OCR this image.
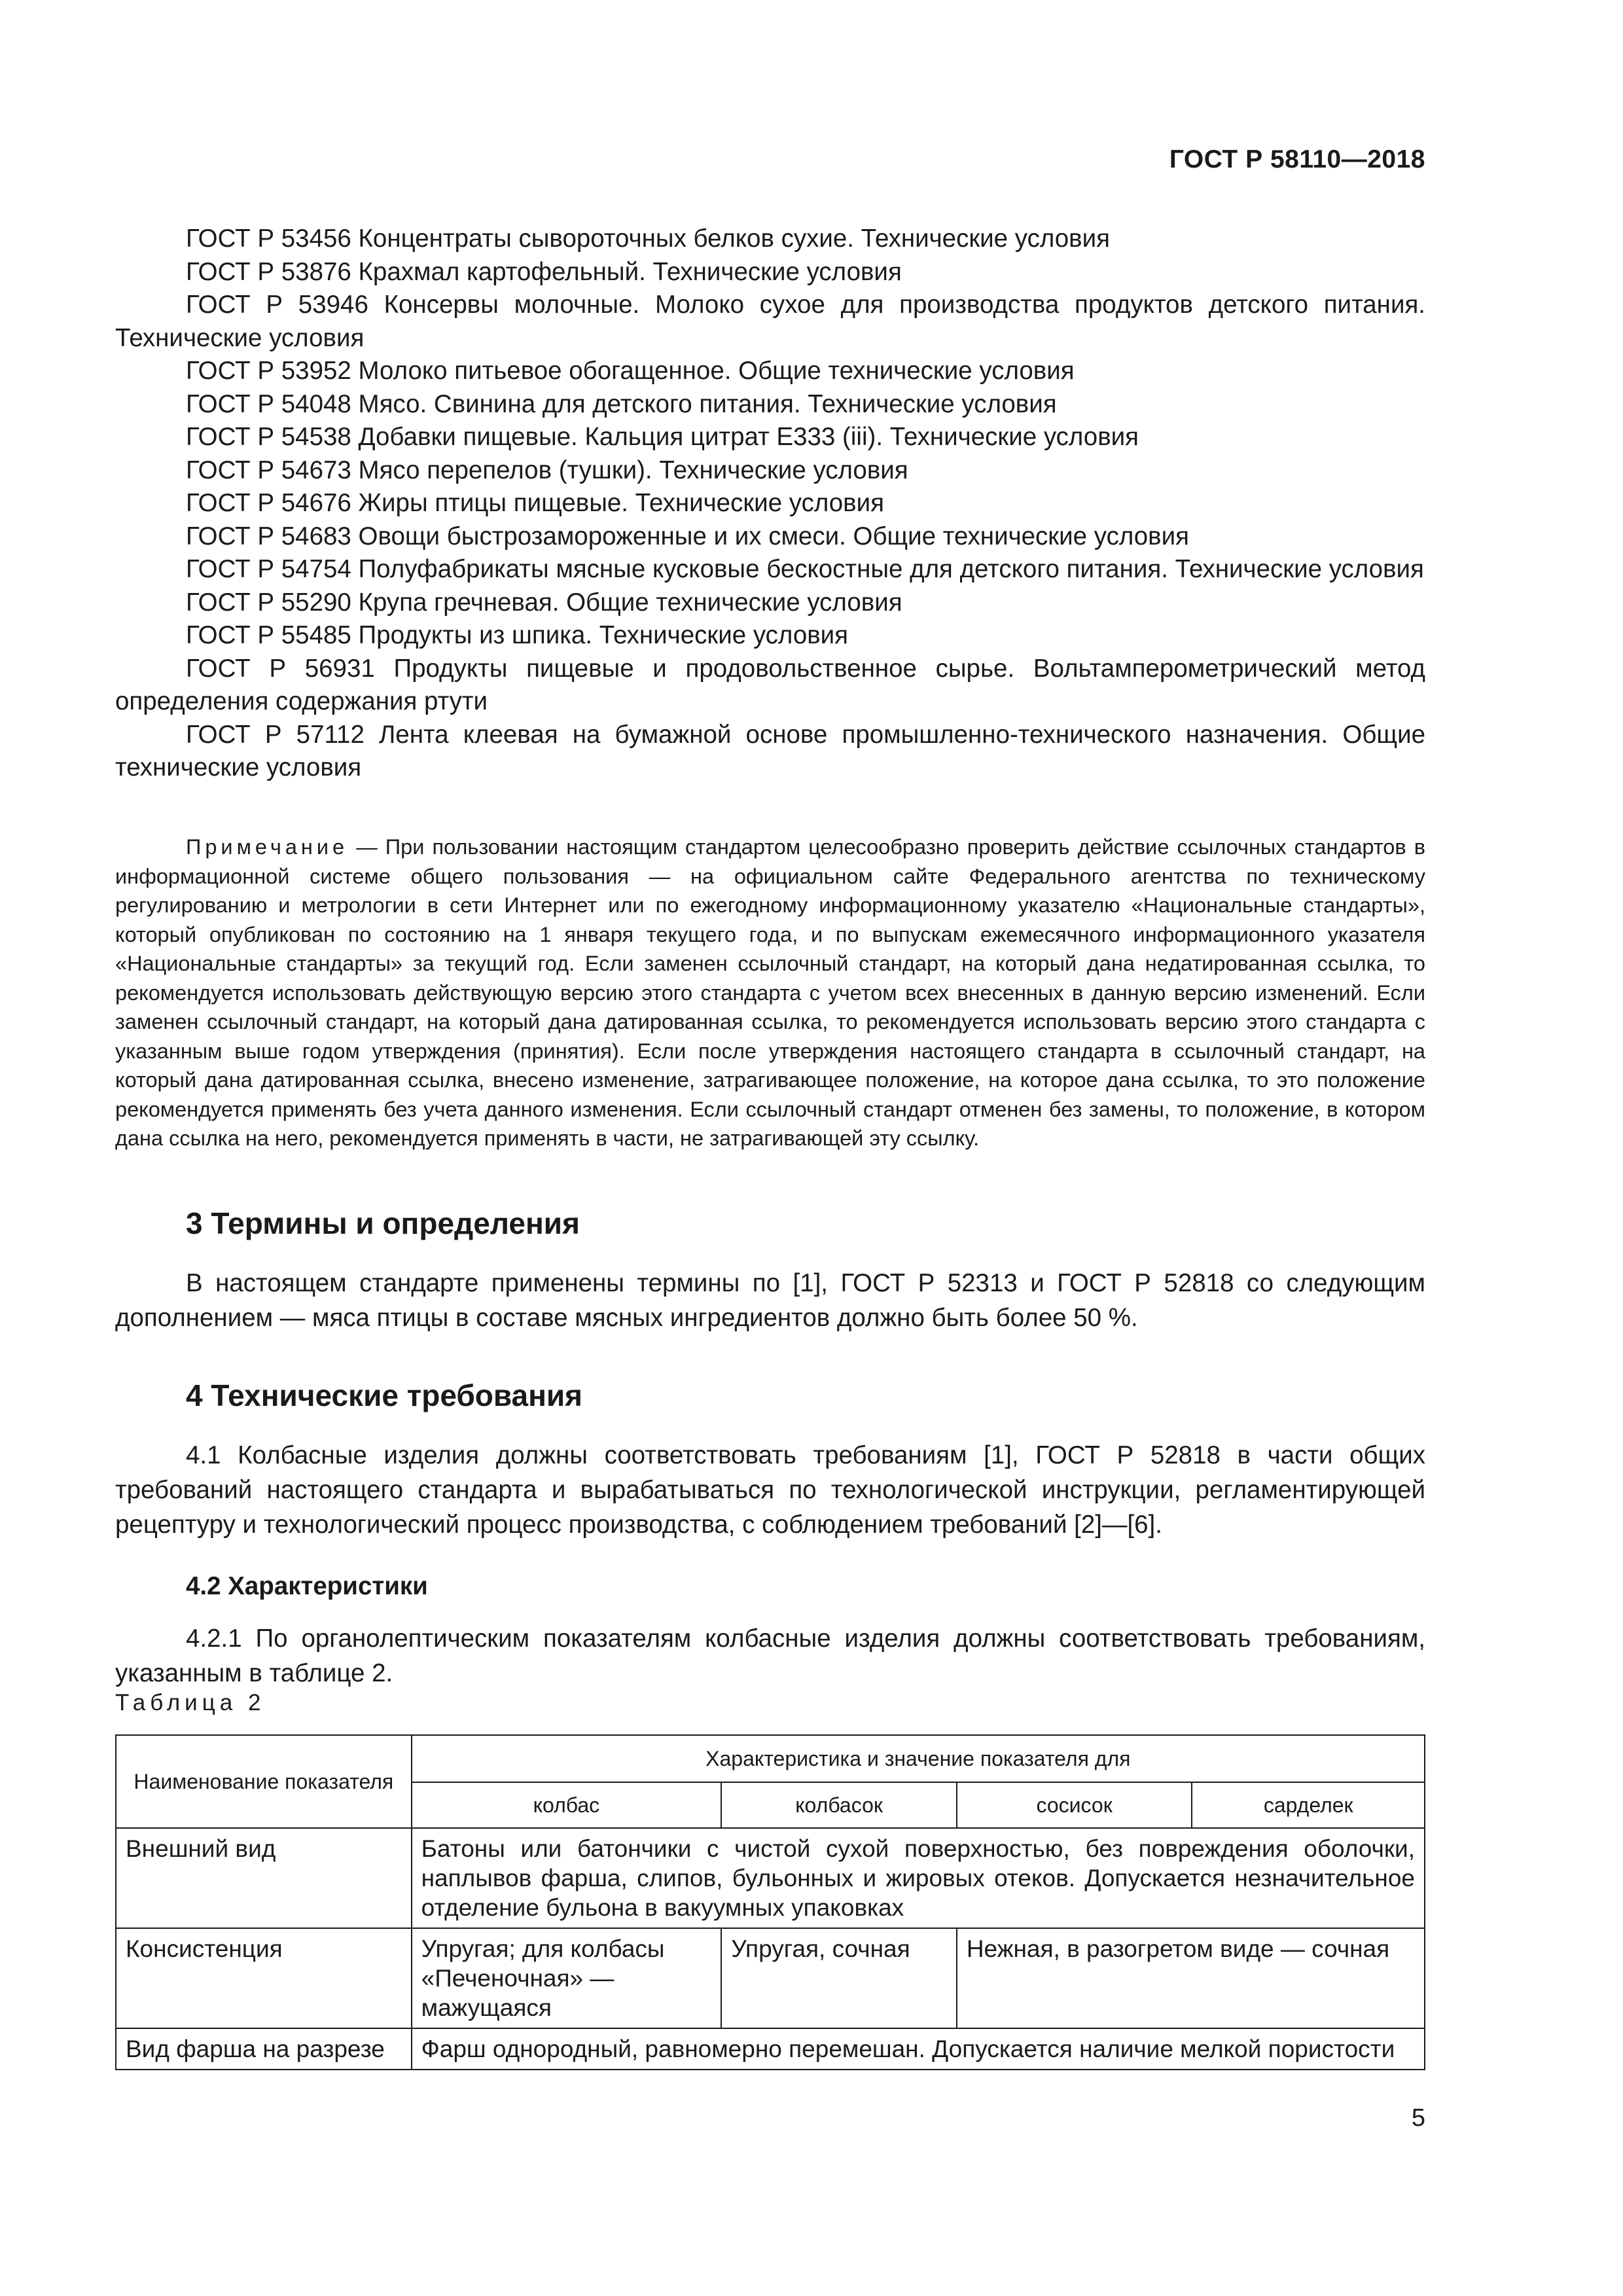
ГОСТ Р 58110—2018

ГОСТ Р 53456 Концентраты сывороточных белков сухие. Технические условия

ГОСТ Р 53876 Крахмал картофельный. Технические условия

ГОСТ Р 53946 Консервы молочные. Молоко сухое для производства продуктов детского питания. Технические условия

ГОСТ Р 53952 Молоко питьевое обогащенное. Общие технические условия

ГОСТ Р 54048 Мясо. Свинина для детского питания. Технические условия

ГОСТ Р 54538 Добавки пищевые. Кальция цитрат Е333 (iii). Технические условия

ГОСТ Р 54673 Мясо перепелов (тушки). Технические условия

ГОСТ Р 54676 Жиры птицы пищевые. Технические условия

ГОСТ Р 54683 Овощи быстрозамороженные и их смеси. Общие технические условия

ГОСТ Р 54754 Полуфабрикаты мясные кусковые бескостные для детского питания. Технические условия

ГОСТ Р 55290 Крупа гречневая. Общие технические условия

ГОСТ Р 55485 Продукты из шпика. Технические условия

ГОСТ Р 56931 Продукты пищевые и продовольственное сырье. Вольтамперометрический метод определения содержания ртути

ГОСТ Р 57112 Лента клеевая на бумажной основе промышленно-технического назначения. Общие технические условия

Примечание — При пользовании настоящим стандартом целесообразно проверить действие ссылочных стандартов в информационной системе общего пользования — на официальном сайте Федерального агентства по техническому регулированию и метрологии в сети Интернет или по ежегодному информационному указателю «Национальные стандарты», который опубликован по состоянию на 1 января текущего года, и по выпускам ежемесячного информационного указателя «Национальные стандарты» за текущий год. Если заменен ссылочный стандарт, на который дана недатированная ссылка, то рекомендуется использовать действующую версию этого стандарта с учетом всех внесенных в данную версию изменений. Если заменен ссылочный стандарт, на который дана датированная ссылка, то рекомендуется использовать версию этого стандарта с указанным выше годом утверждения (принятия). Если после утверждения настоящего стандарта в ссылочный стандарт, на который дана датированная ссылка, внесено изменение, затрагивающее положение, на которое дана ссылка, то это положение рекомендуется применять без учета данного изменения. Если ссылочный стандарт отменен без замены, то положение, в котором дана ссылка на него, рекомендуется применять в части, не затрагивающей эту ссылку.

3 Термины и определения

В настоящем стандарте применены термины по [1], ГОСТ Р 52313 и ГОСТ Р 52818 со следующим дополнением — мяса птицы в составе мясных ингредиентов должно быть более 50 %.

4 Технические требования

4.1 Колбасные изделия должны соответствовать требованиям [1], ГОСТ Р 52818 в части общих требований настоящего стандарта и вырабатываться по технологической инструкции, регламентирующей рецептуру и технологический процесс производства, с соблюдением требований [2]—[6].

4.2 Характеристики

4.2.1 По органолептическим показателям колбасные изделия должны соответствовать требованиям, указанным в таблице 2.

Таблица 2

Наименование показателя	Характеристика и значение показателя для			
	колбас	колбасок	сосисок	сарделек
Внешний вид	Батоны или батончики с чистой сухой поверхностью, без повреждения оболочки, наплывов фарша, слипов, бульонных и жировых отеков. Допускается незначительное отделение бульона в вакуумных упаковках			
Консистенция	Упругая; для колбасы «Печеночная» — мажущаяся	Упругая, сочная	Нежная, в разогретом виде — сочная	
Вид фарша на разрезе	Фарш однородный, равномерно перемешан. Допускается наличие мелкой пористости			
5
